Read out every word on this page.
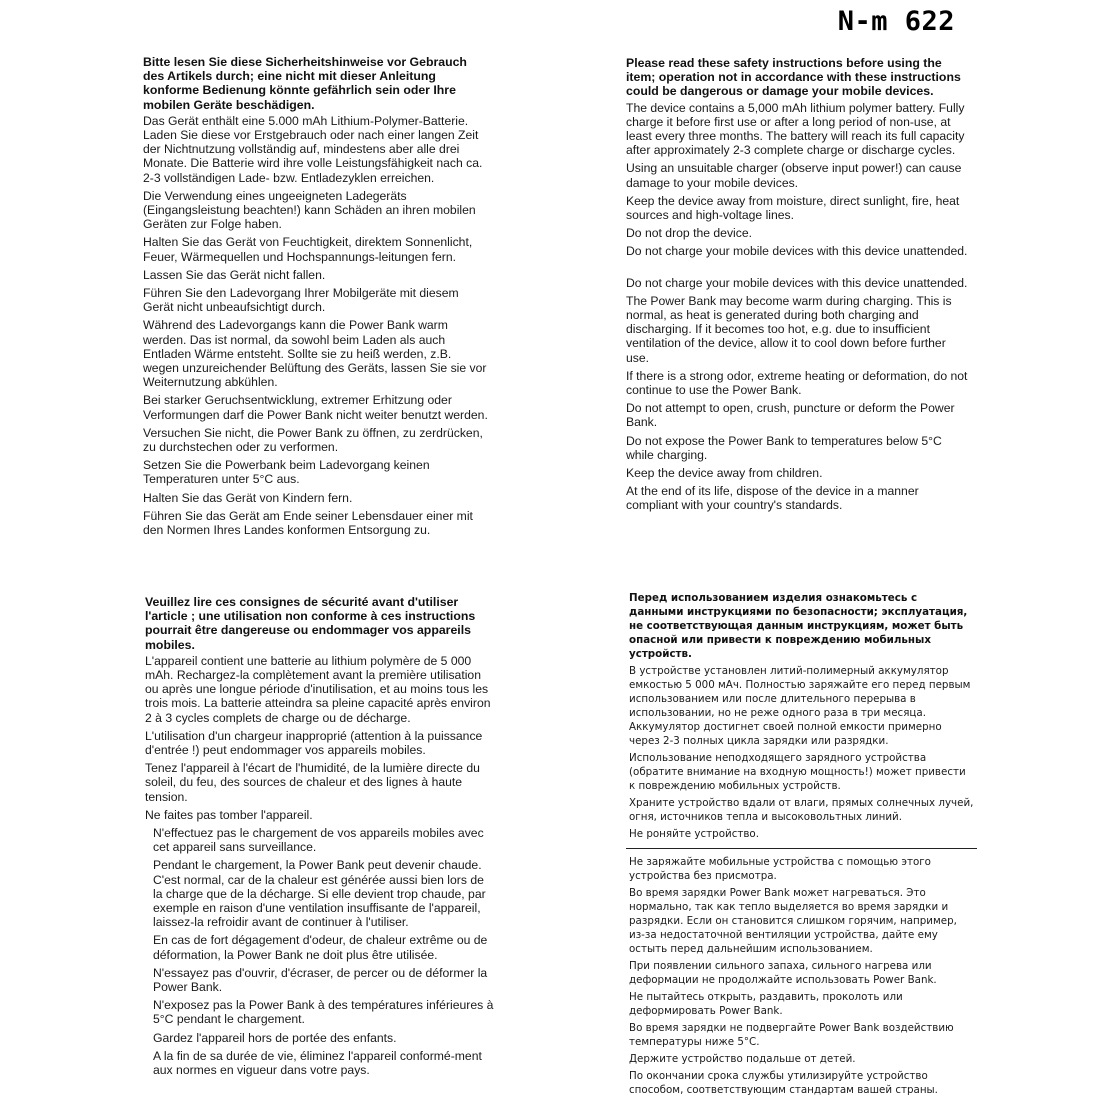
N-m 622

Bitte lesen Sie diese Sicherheitshinweise vor Gebrauch des Artikels durch; eine nicht mit dieser Anleitung konforme Bedienung könnte gefährlich sein oder Ihre mobilen Geräte beschädigen.

Das Gerät enthält eine 5.000 mAh Lithium-Polymer-Batterie. Laden Sie diese vor Erstgebrauch oder nach einer langen Zeit der Nichtnutzung vollständig auf, mindestens aber alle drei Monate. Die Batterie wird ihre volle Leistungsfähigkeit nach ca. 2-3 vollständigen Lade- bzw. Entladezyklen erreichen.

Die Verwendung eines ungeeigneten Ladegeräts (Eingangsleistung beachten!) kann Schäden an ihren mobilen Geräten zur Folge haben.

Halten Sie das Gerät von Feuchtigkeit, direktem Sonnenlicht, Feuer, Wärmequellen und Hochspannungs-leitungen fern.

Lassen Sie das Gerät nicht fallen.

Führen Sie den Ladevorgang Ihrer Mobilgeräte mit diesem Gerät nicht unbeaufsichtigt durch.

Während des Ladevorgangs kann die Power Bank warm werden. Das ist normal, da sowohl beim Laden als auch Entladen Wärme entsteht. Sollte sie zu heiß werden, z.B. wegen unzureichender Belüftung des Geräts, lassen Sie sie vor Weiternutzung abkühlen.

Bei starker Geruchsentwicklung, extremer Erhitzung oder Verformungen darf die Power Bank nicht weiter benutzt werden.

Versuchen Sie nicht, die Power Bank zu öffnen, zu zerdrücken, zu durchstechen oder zu verformen.

Setzen Sie die Powerbank beim Ladevorgang keinen Temperaturen unter 5°C aus.

Halten Sie das Gerät von Kindern fern.

Führen Sie das Gerät am Ende seiner Lebensdauer einer mit den Normen Ihres Landes konformen Entsorgung zu.

Please read these safety instructions before using the item; operation not in accordance with these instructions could be dangerous or damage your mobile devices.

The device contains a 5,000 mAh lithium polymer battery. Fully charge it before first use or after a long period of non-use, at least every three months. The battery will reach its full capacity after approximately 2-3 complete charge or discharge cycles.

Using an unsuitable charger (observe input power!) can cause damage to your mobile devices.

Keep the device away from moisture, direct sunlight, fire, heat sources and high-voltage lines.

Do not drop the device.

Do not charge your mobile devices with this device unattended.

Do not charge your mobile devices with this device unattended.

The Power Bank may become warm during charging. This is normal, as heat is generated during both charging and discharging. If it becomes too hot, e.g. due to insufficient ventilation of the device, allow it to cool down before further use.

If there is a strong odor, extreme heating or deformation, do not continue to use the Power Bank.

Do not attempt to open, crush, puncture or deform the Power Bank.

Do not expose the Power Bank to temperatures below 5°C while charging.

Keep the device away from children.

At the end of its life, dispose of the device in a manner compliant with your country's standards.

Veuillez lire ces consignes de sécurité avant d'utiliser l'article ; une utilisation non conforme à ces instructions pourrait être dangereuse ou endommager vos appareils mobiles.

L'appareil contient une batterie au lithium polymère de 5 000 mAh. Rechargez-la complètement avant la première utilisation ou après une longue période d'inutilisation, et au moins tous les trois mois. La batterie atteindra sa pleine capacité après environ 2 à 3 cycles complets de charge ou de décharge.

L'utilisation d'un chargeur inapproprié (attention à la puissance d'entrée !) peut endommager vos appareils mobiles.

Tenez l'appareil à l'écart de l'humidité, de la lumière directe du soleil, du feu, des sources de chaleur et des lignes à haute tension.

Ne faites pas tomber l'appareil.

N'effectuez pas le chargement de vos appareils mobiles avec cet appareil sans surveillance.

Pendant le chargement, la Power Bank peut devenir chaude. C'est normal, car de la chaleur est générée aussi bien lors de la charge que de la décharge. Si elle devient trop chaude, par exemple en raison d'une ventilation insuffisante de l'appareil, laissez-la refroidir avant de continuer à l'utiliser.

En cas de fort dégagement d'odeur, de chaleur extrême ou de déformation, la Power Bank ne doit plus être utilisée.

N'essayez pas d'ouvrir, d'écraser, de percer ou de déformer la Power Bank.

N'exposez pas la Power Bank à des températures inférieures à 5°C pendant le chargement.

Gardez l'appareil hors de portée des enfants.

A la fin de sa durée de vie, éliminez l'appareil conformé-ment aux normes en vigueur dans votre pays.

Перед использованием изделия ознакомьтесь с данными инструкциями по безопасности; эксплуатация, не соответствующая данным инструкциям, может быть опасной или привести к повреждению мобильных устройств.

В устройстве установлен литий-полимерный аккумулятор емкостью 5 000 мАч. Полностью заряжайте его перед первым использованием или после длительного перерыва в использовании, но не реже одного раза в три месяца. Аккумулятор достигнет своей полной емкости примерно через 2-3 полных цикла зарядки или разрядки.

Использование неподходящего зарядного устройства (обратите внимание на входную мощность!) может привести к повреждению мобильных устройств.

Храните устройство вдали от влаги, прямых солнечных лучей, огня, источников тепла и высоковольтных линий.

Не роняйте устройство.

Не заряжайте мобильные устройства с помощью этого устройства без присмотра.

Во время зарядки Power Bank может нагреваться. Это нормально, так как тепло выделяется во время зарядки и разрядки. Если он становится слишком горячим, например, из-за недостаточной вентиляции устройства, дайте ему остыть перед дальнейшим использованием.

При появлении сильного запаха, сильного нагрева или деформации не продолжайте использовать Power Bank.

Не пытайтесь открыть, раздавить, проколоть или деформировать Power Bank.

Во время зарядки не подвергайте Power Bank воздействию температуры ниже 5°C.

Держите устройство подальше от детей.

По окончании срока службы утилизируйте устройство способом, соответствующим стандартам вашей страны.
